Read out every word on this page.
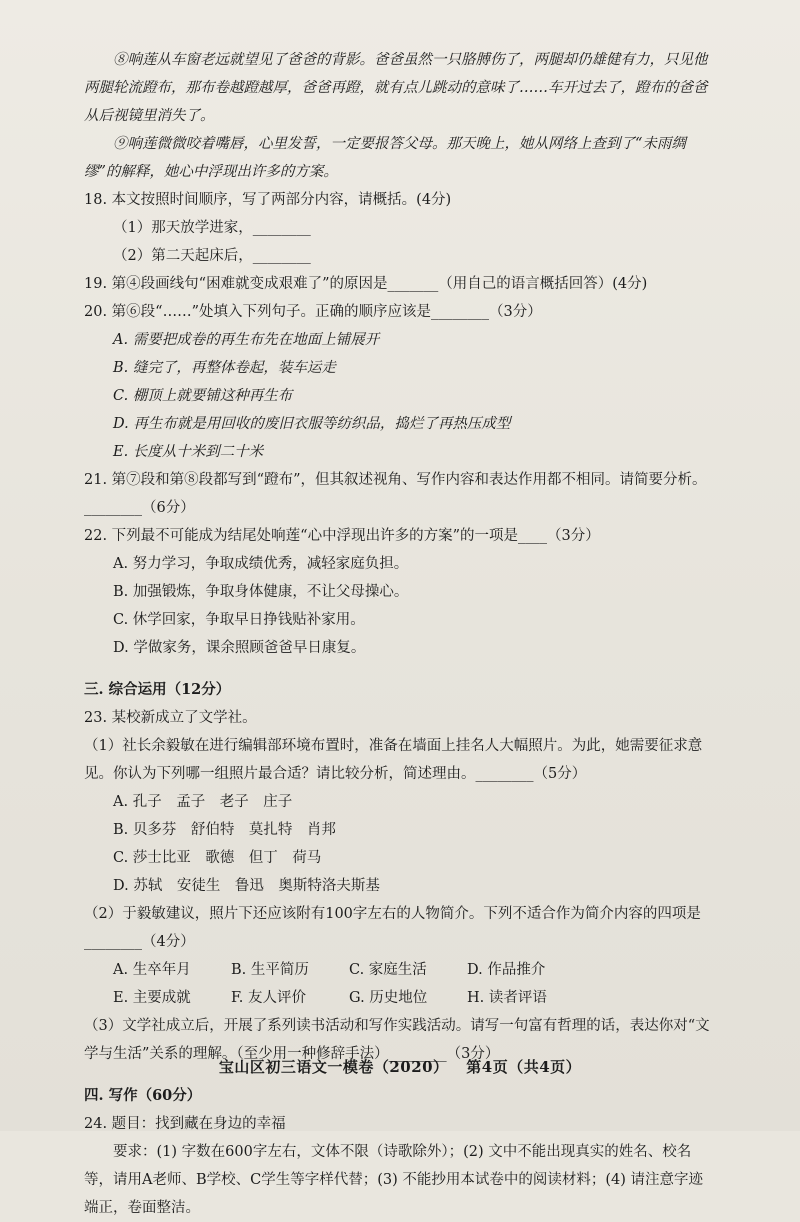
⑧响莲从车窗老远就望见了爸爸的背影。爸爸虽然一只胳膊伤了，两腿却仍雄健有力，只见他两腿轮流蹬布，那布卷越蹬越厚，爸爸再蹬，就有点儿跳动的意味了……车开过去了，蹬布的爸爸从后视镜里消失了。

⑨响莲微微咬着嘴唇，心里发誓，一定要报答父母。那天晚上，她从网络上查到了“未雨绸缪”的解释，她心中浮现出许多的方案。

18. 本文按照时间顺序，写了两部分内容，请概括。(4分)

（1）那天放学进家，________

（2）第二天起床后，________

19. 第④段画线句“困难就变成艰难了”的原因是_______（用自己的语言概括回答）(4分)

20. 第⑥段“……”处填入下列句子。正确的顺序应该是________（3分）

A. 需要把成卷的再生布先在地面上铺展开

B. 缝完了，再整体卷起，装车运走

C. 棚顶上就要铺这种再生布

D. 再生布就是用回收的废旧衣服等纺织品，捣烂了再热压成型

E. 长度从十米到二十米

21. 第⑦段和第⑧段都写到“蹬布”，但其叙述视角、写作内容和表达作用都不相同。请简要分析。________（6分）

22. 下列最不可能成为结尾处响莲“心中浮现出许多的方案”的一项是____（3分）

A. 努力学习，争取成绩优秀，减轻家庭负担。

B. 加强锻炼，争取身体健康，不让父母操心。

C. 休学回家，争取早日挣钱贴补家用。

D. 学做家务，课余照顾爸爸早日康复。

三. 综合运用（12分）

23. 某校新成立了文学社。

（1）社长余毅敏在进行编辑部环境布置时，准备在墙面上挂名人大幅照片。为此，她需要征求意见。你认为下列哪一组照片最合适？请比较分析，简述理由。________（5分）

A. 孔子　孟子　老子　庄子

B. 贝多芬　舒伯特　莫扎特　肖邦

C. 莎士比亚　歌德　但丁　荷马

D. 苏轼　安徒生　鲁迅　奥斯特洛夫斯基

（2）于毅敏建议，照片下还应该附有100字左右的人物简介。下列不适合作为简介内容的四项是________（4分）

A. 生卒年月	B. 生平简历	C. 家庭生活	D. 作品推介
E. 主要成就	F. 友人评价	G. 历史地位	H. 读者评语

（3）文学社成立后，开展了系列读书活动和写作实践活动。请写一句富有哲理的话，表达你对“文学与生活”关系的理解。（至少用一种修辞手法）________（3分）

四. 写作（60分）

24. 题目：找到藏在身边的幸福

要求：(1) 字数在600字左右，文体不限（诗歌除外）；(2) 文中不能出现真实的姓名、校名等，请用A老师、B学校、C学生等字样代替；(3) 不能抄用本试卷中的阅读材料；(4) 请注意字迹端正，卷面整洁。

宝山区初三语文一模卷（2020） 第4页（共4页）
